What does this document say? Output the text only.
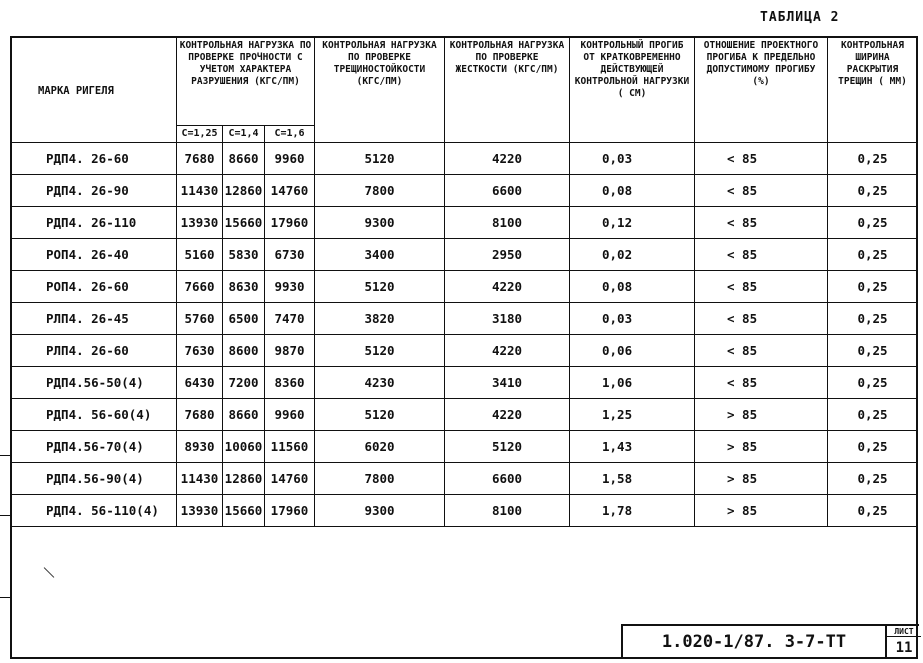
ТАБЛИЦА 2
МАРКА РИГЕЛЯ	КОНТРОЛЬНАЯ НАГРУЗКА ПО ПРОВЕРКЕ ПРОЧНОСТИ С УЧЕТОМ ХАРАКТЕРА РАЗРУШЕНИЯ (КГС/ПМ)			КОНТРОЛЬНАЯ НАГРУЗКА ПО ПРОВЕРКЕ ТРЕЩИНОСТОЙКОСТИ (КГС/ПМ)	КОНТРОЛЬНАЯ НАГРУЗКА ПО ПРОВЕРКЕ ЖЕСТКОСТИ (КГС/ПМ)	КОНТРОЛЬНЫЙ ПРОГИБ ОТ КРАТКОВРЕМЕННО ДЕЙСТВУЮЩЕЙ КОНТРОЛЬНОЙ НАГРУЗКИ ( СМ)	ОТНОШЕНИЕ ПРОЕКТНОГО ПРОГИБА К ПРЕДЕЛЬНО ДОПУСТИМОМУ ПРОГИБУ (%)	КОНТРОЛЬНАЯ ШИРИНА РАСКРЫТИЯ ТРЕЩИН ( ММ)
	С=1,25	С=1,4	С=1,6					
РДП4. 26-60	7680	8660	9960	5120	4220	0,03	< 85	0,25
РДП4. 26-90	11430	12860	14760	7800	6600	0,08	< 85	0,25
РДП4. 26-110	13930	15660	17960	9300	8100	0,12	< 85	0,25
РОП4. 26-40	5160	5830	6730	3400	2950	0,02	< 85	0,25
РОП4. 26-60	7660	8630	9930	5120	4220	0,08	< 85	0,25
РЛП4. 26-45	5760	6500	7470	3820	3180	0,03	< 85	0,25
РЛП4. 26-60	7630	8600	9870	5120	4220	0,06	< 85	0,25
РДП4.56-50(4)	6430	7200	8360	4230	3410	1,06	< 85	0,25
РДП4. 56-60(4)	7680	8660	9960	5120	4220	1,25	> 85	0,25
РДП4.56-70(4)	8930	10060	11560	6020	5120	1,43	> 85	0,25
РДП4.56-90(4)	11430	12860	14760	7800	6600	1,58	> 85	0,25
РДП4. 56-110(4)	13930	15660	17960	9300	8100	1,78	> 85	0,25
1.020-1/87. 3-7-ТТ
ЛИСТ
11
